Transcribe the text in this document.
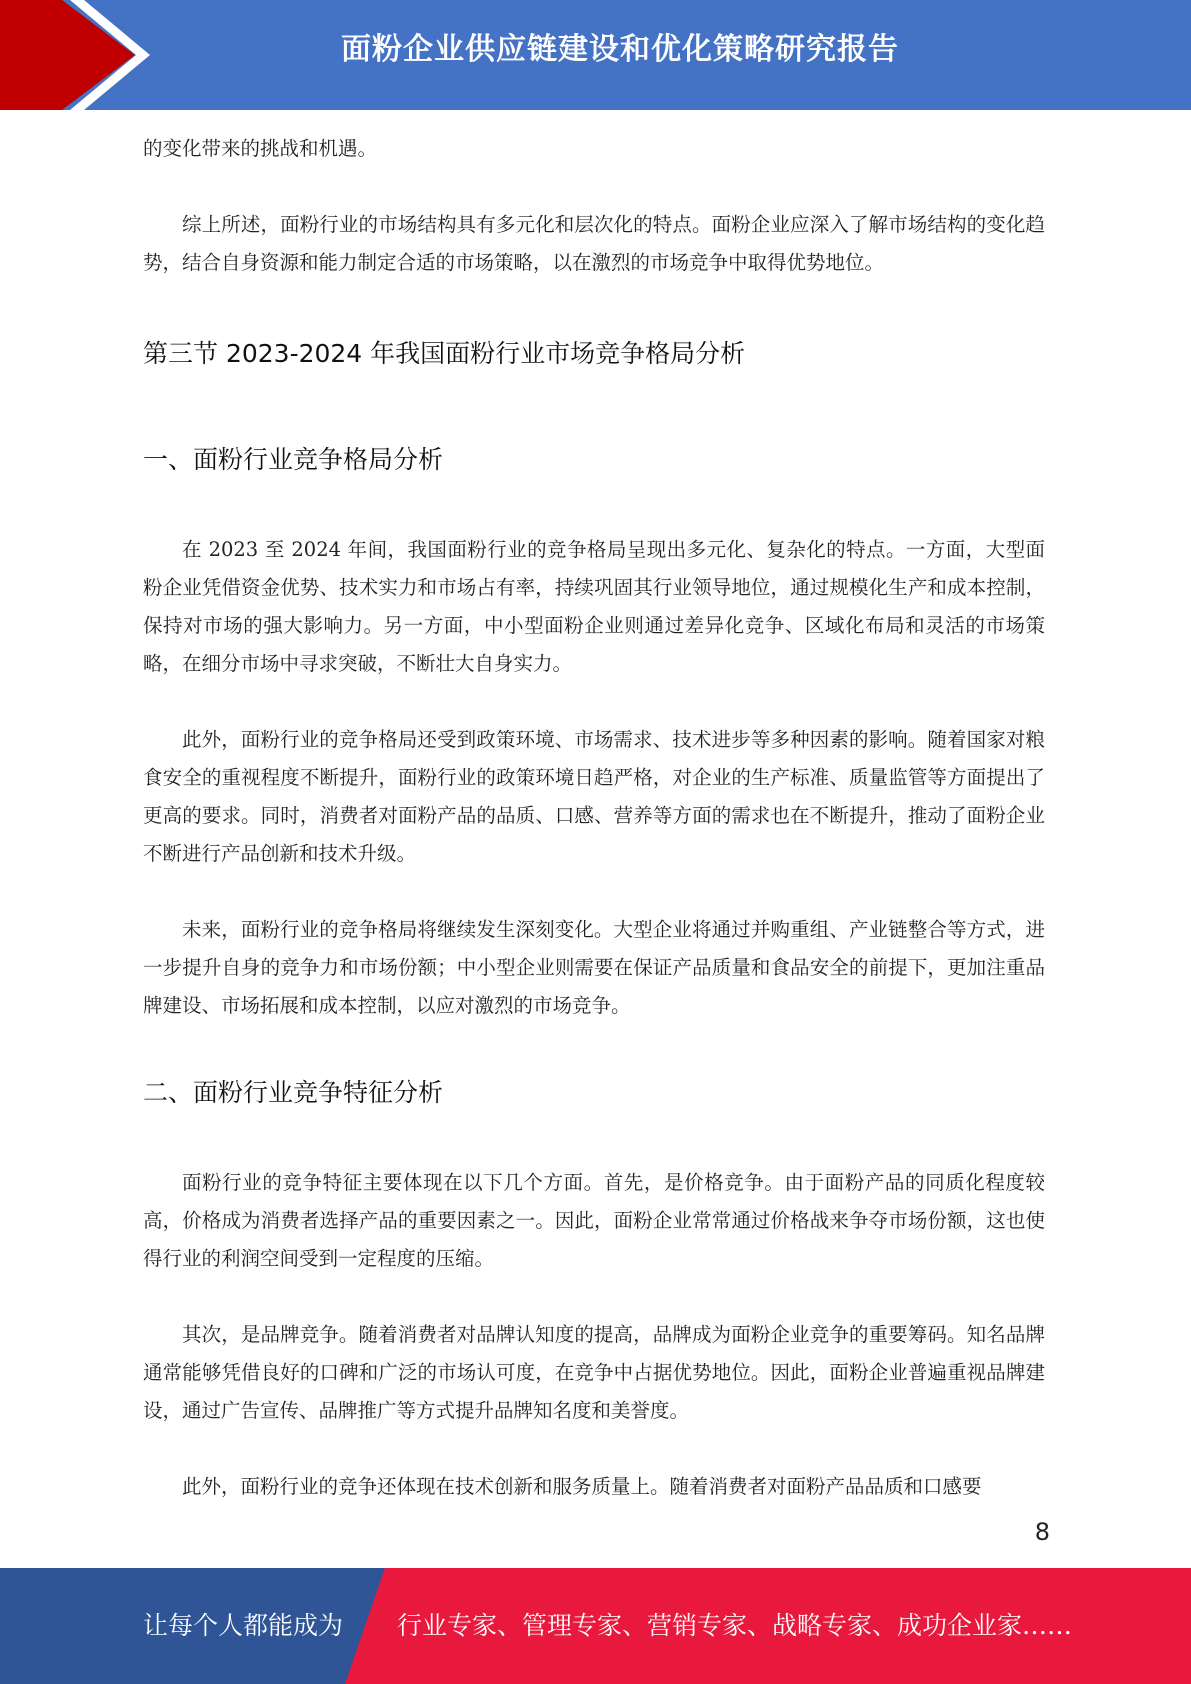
面粉企业供应链建设和优化策略研究报告

的变化带来的挑战和机遇。

综上所述，面粉行业的市场结构具有多元化和层次化的特点。面粉企业应深入了解市场结构的变化趋势，结合自身资源和能力制定合适的市场策略，以在激烈的市场竞争中取得优势地位。

第三节 2023-2024 年我国面粉行业市场竞争格局分析
一、面粉行业竞争格局分析

在 2023 至 2024 年间，我国面粉行业的竞争格局呈现出多元化、复杂化的特点。一方面，大型面粉企业凭借资金优势、技术实力和市场占有率，持续巩固其行业领导地位，通过规模化生产和成本控制，保持对市场的强大影响力。另一方面，中小型面粉企业则通过差异化竞争、区域化布局和灵活的市场策略，在细分市场中寻求突破，不断壮大自身实力。

此外，面粉行业的竞争格局还受到政策环境、市场需求、技术进步等多种因素的影响。随着国家对粮食安全的重视程度不断提升，面粉行业的政策环境日趋严格，对企业的生产标准、质量监管等方面提出了更高的要求。同时，消费者对面粉产品的品质、口感、营养等方面的需求也在不断提升，推动了面粉企业不断进行产品创新和技术升级。

未来，面粉行业的竞争格局将继续发生深刻变化。大型企业将通过并购重组、产业链整合等方式，进一步提升自身的竞争力和市场份额；中小型企业则需要在保证产品质量和食品安全的前提下，更加注重品牌建设、市场拓展和成本控制，以应对激烈的市场竞争。

二、面粉行业竞争特征分析

面粉行业的竞争特征主要体现在以下几个方面。首先，是价格竞争。由于面粉产品的同质化程度较高，价格成为消费者选择产品的重要因素之一。因此，面粉企业常常通过价格战来争夺市场份额，这也使得行业的利润空间受到一定程度的压缩。

其次，是品牌竞争。随着消费者对品牌认知度的提高，品牌成为面粉企业竞争的重要筹码。知名品牌通常能够凭借良好的口碑和广泛的市场认可度，在竞争中占据优势地位。因此，面粉企业普遍重视品牌建设，通过广告宣传、品牌推广等方式提升品牌知名度和美誉度。

此外，面粉行业的竞争还体现在技术创新和服务质量上。随着消费者对面粉产品品质和口感要

8
让每个人都能成为 行业专家、管理专家、营销专家、战略专家、成功企业家……
